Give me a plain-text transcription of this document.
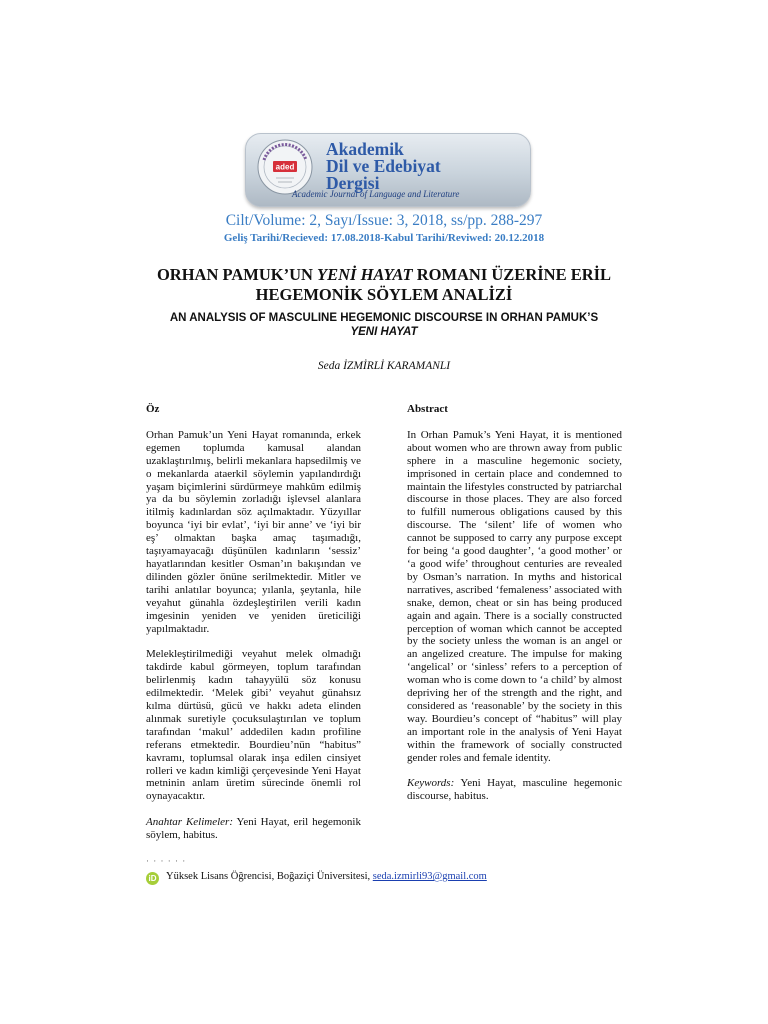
aded
Akademik
Dil ve Edebiyat
Dergisi
Academic Journal of Language and Literature
Cilt/Volume: 2, Sayı/Issue: 3, 2018, ss/pp. 288-297
Geliş Tarihi/Recieved: 17.08.2018-Kabul Tarihi/Reviwed: 20.12.2018
ORHAN PAMUK’UN YENİ HAYAT ROMANI ÜZERİNE ERİL HEGEMONİK SÖYLEM ANALİZİ
AN ANALYSIS OF MASCULINE HEGEMONIC DISCOURSE IN ORHAN PAMUK’S YENI HAYAT
Seda İZMİRLİ KARAMANLI
Öz

Orhan Pamuk’un Yeni Hayat romanında, erkek egemen toplumda kamusal alandan uzaklaştırılmış, belirli mekanlara hapsedilmiş ve o mekanlarda ataerkil söylemin yapılandırdığı yaşam biçimlerini sürdürmeye mahkûm edilmiş ya da bu söylemin zorladığı işlevsel alanlara itilmiş kadınlardan söz açılmaktadır. Yüzyıllar boyunca ‘iyi bir evlat’, ‘iyi bir anne’ ve ‘iyi bir eş’ olmaktan başka amaç taşımadığı, taşıyamayacağı düşünülen kadınların ‘sessiz’ hayatlarından kesitler Osman’ın bakışından ve dilinden gözler önüne serilmektedir. Mitler ve tarihi anlatılar boyunca; yılanla, şeytanla, hile veyahut günahla özdeşleştirilen verili kadın imgesinin yeniden ve yeniden üreticiliği yapılmaktadır.

Meleklеştirilmediği veyahut melek olmadığı takdirde kabul görmeyen, toplum tarafından belirlenmiş kadın tahayyülü söz konusu edilmektedir. ‘Melek gibi’ veyahut günahsız kılma dürtüsü, gücü ve hakkı adeta elinden alınmak suretiyle çocuksulaştırılan ve toplum tarafından ‘makul’ addedilen kadın profiline referans etmektedir. Bourdieu’nün “habitus” kavramı, toplumsal olarak inşa edilen cinsiyet rolleri ve kadın kimliği çerçevesinde Yeni Hayat metninin anlam üretim sürecinde önemli rol oynayacaktır.

Anahtar Kelimeler: Yeni Hayat, eril hegemonik söylem, habitus.

Abstract

In Orhan Pamuk’s Yeni Hayat, it is mentioned about women who are thrown away from public sphere in a masculine hegemonic society, imprisoned in certain place and condemned to maintain the lifestyles constructed by patriarchal discourse in those places. They are also forced to fulfill numerous obligations caused by this discourse. The ‘silent’ life of women who cannot be supposed to carry any purpose except for being ‘a good daughter’, ‘a good mother’ or ‘a good wife’ throughout centuries are revealed by Osman’s narration. In myths and historical narratives, ascribed ‘femaleness’ associated with snake, demon, cheat or sin has being produced again and again. There is a socially constructed perception of woman which cannot be accepted by the society unless the woman is an angel or an angelized creature. The impulse for making ‘angelical’ or ‘sinless’ refers to a perception of woman who is come down to ‘a child’ by almost depriving her of the strength and the right, and considered as ‘reasonable’ by the society in this way. Bourdieu’s concept of “habitus” will play an important role in the analysis of Yeni Hayat within the framework of socially constructed gender roles and female identity.

Keywords: Yeni Hayat, masculine hegemonic discourse, habitus.

· · · · · ·
iD Yüksek Lisans Öğrencisi, Boğaziçi Üniversitesi, seda.izmirli93@gmail.com
